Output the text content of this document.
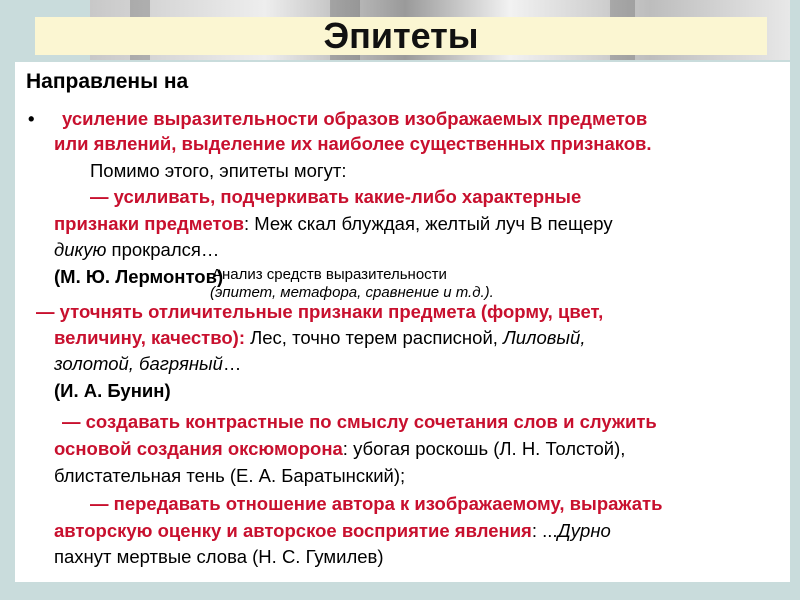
Эпитеты
Направлены на
• усиление выразительности образов изображаемых предметов
или явлений, выделение их наиболее существенных признаков.
Помимо этого, эпитеты могут:
— усиливать, подчеркивать какие-либо характерные
признаки предметов: Меж скал блуждая, желтый луч В пещеру
дикую прокрался…
(М. Ю. Лермонтов)
Анализ средств выразительности
(эпитет, метафора, сравнение и т.д.).
— уточнять отличительные признаки предмета (форму, цвет,
величину, качество): Лес, точно терем расписной, Лиловый,
золотой, багряный…
(И. А. Бунин)
— создавать контрастные по смыслу сочетания слов и служить
основой создания оксюморона: убогая роскошь (Л. Н. Толстой),
блистательная тень (Е. А. Баратынский);
— передавать отношение автора к изображаемому, выражать
авторскую оценку и авторское восприятие явления: ...Дурно
пахнут мертвые слова (Н. С. Гумилев)
